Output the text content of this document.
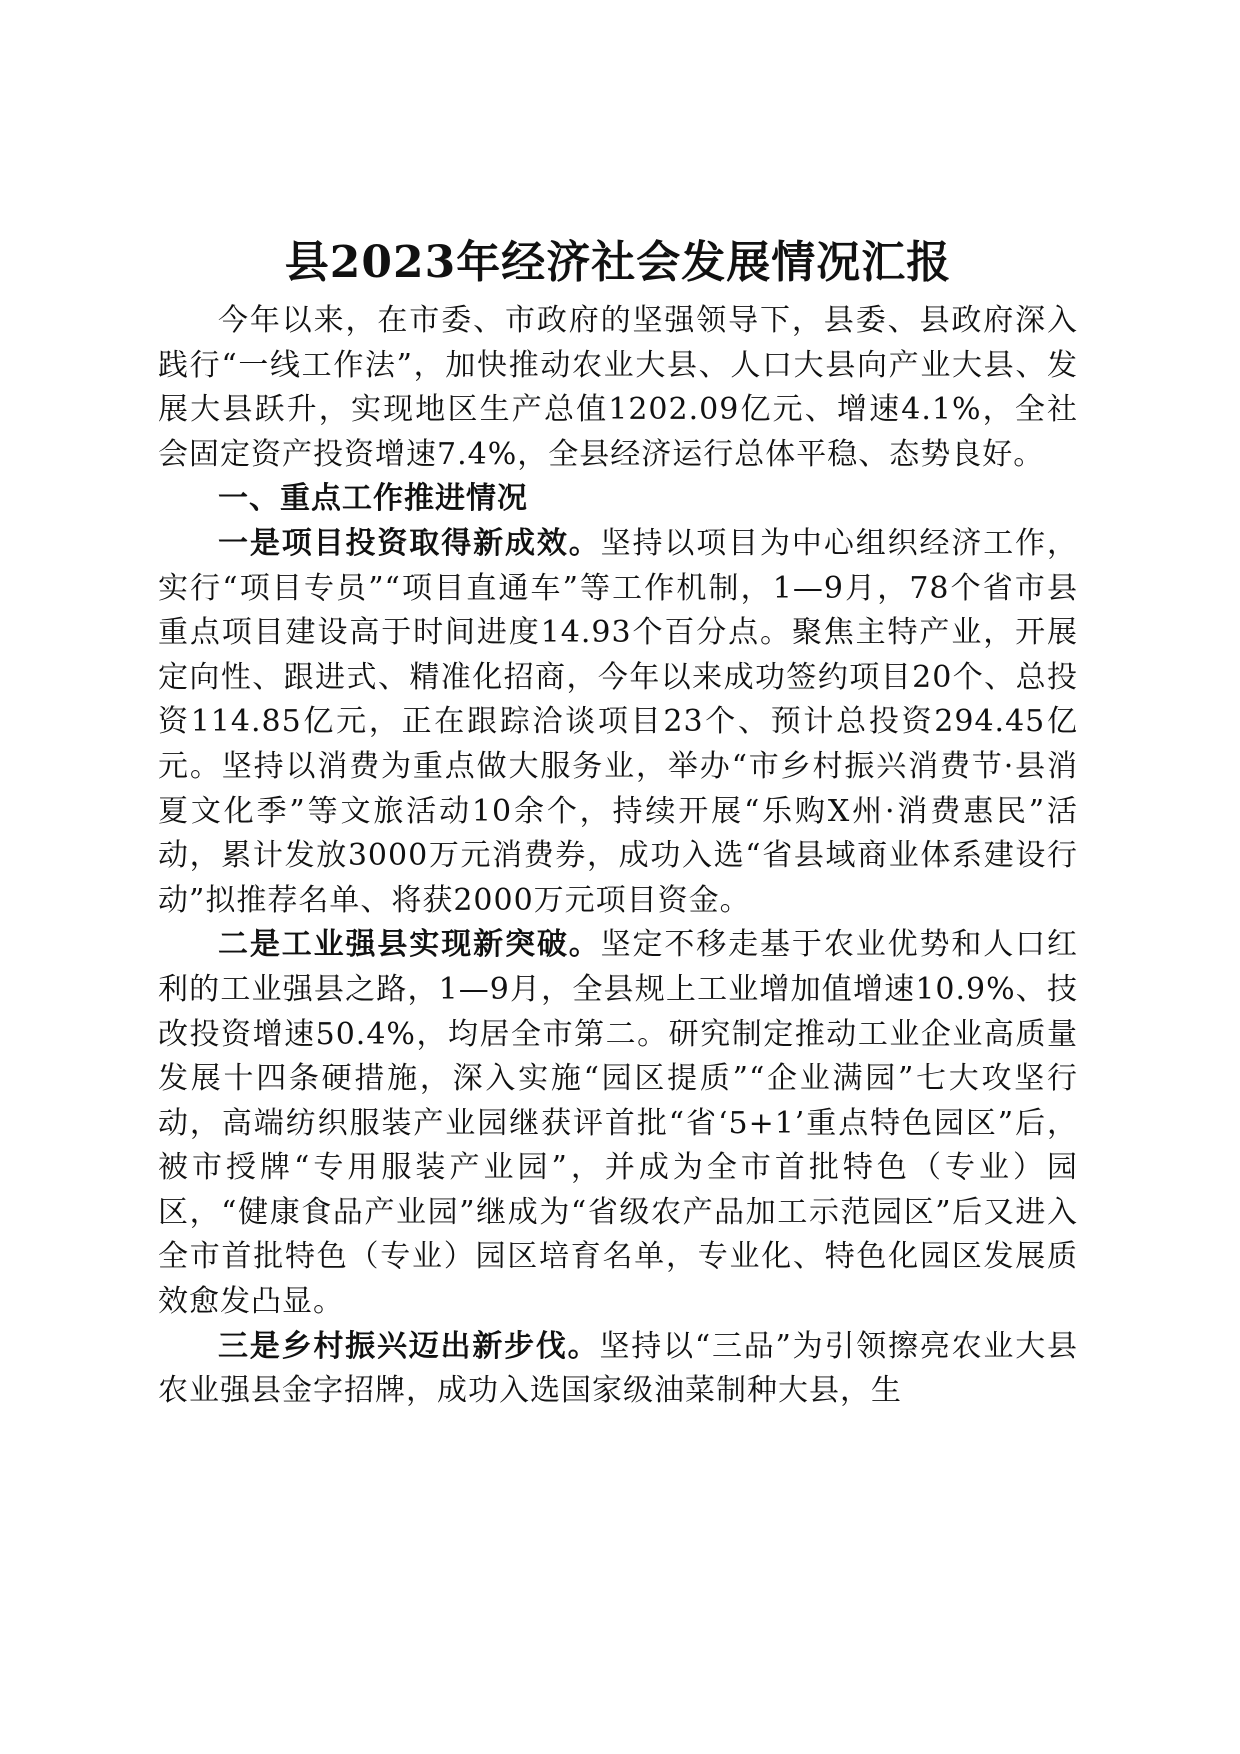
县2023年经济社会发展情况汇报

今年以来，在市委、市政府的坚强领导下，县委、县政府深入践行“一线工作法”，加快推动农业大县、人口大县向产业大县、发展大县跃升，实现地区生产总值1202.09亿元、增速4.1%，全社会固定资产投资增速7.4%，全县经济运行总体平稳、态势良好。

一、重点工作推进情况

一是项目投资取得新成效。坚持以项目为中心组织经济工作，实行“项目专员”“项目直通车”等工作机制，1—9月，78个省市县重点项目建设高于时间进度14.93个百分点。聚焦主特产业，开展定向性、跟进式、精准化招商，今年以来成功签约项目20个、总投资114.85亿元，正在跟踪洽谈项目23个、预计总投资294.45亿元。坚持以消费为重点做大服务业，举办“市乡村振兴消费节·县消夏文化季”等文旅活动10余个，持续开展“乐购X州·消费惠民”活动，累计发放3000万元消费券，成功入选“省县域商业体系建设行动”拟推荐名单、将获2000万元项目资金。

二是工业强县实现新突破。坚定不移走基于农业优势和人口红利的工业强县之路，1—9月，全县规上工业增加值增速10.9%、技改投资增速50.4%，均居全市第二。研究制定推动工业企业高质量发展十四条硬措施，深入实施“园区提质”“企业满园”七大攻坚行动，高端纺织服装产业园继获评首批“省‘5+1’重点特色园区”后，被市授牌“专用服装产业园”，并成为全市首批特色（专业）园区，“健康食品产业园”继成为“省级农产品加工示范园区”后又进入全市首批特色（专业）园区培育名单，专业化、特色化园区发展质效愈发凸显。

三是乡村振兴迈出新步伐。坚持以“三品”为引领擦亮农业大县农业强县金字招牌，成功入选国家级油菜制种大县，生
